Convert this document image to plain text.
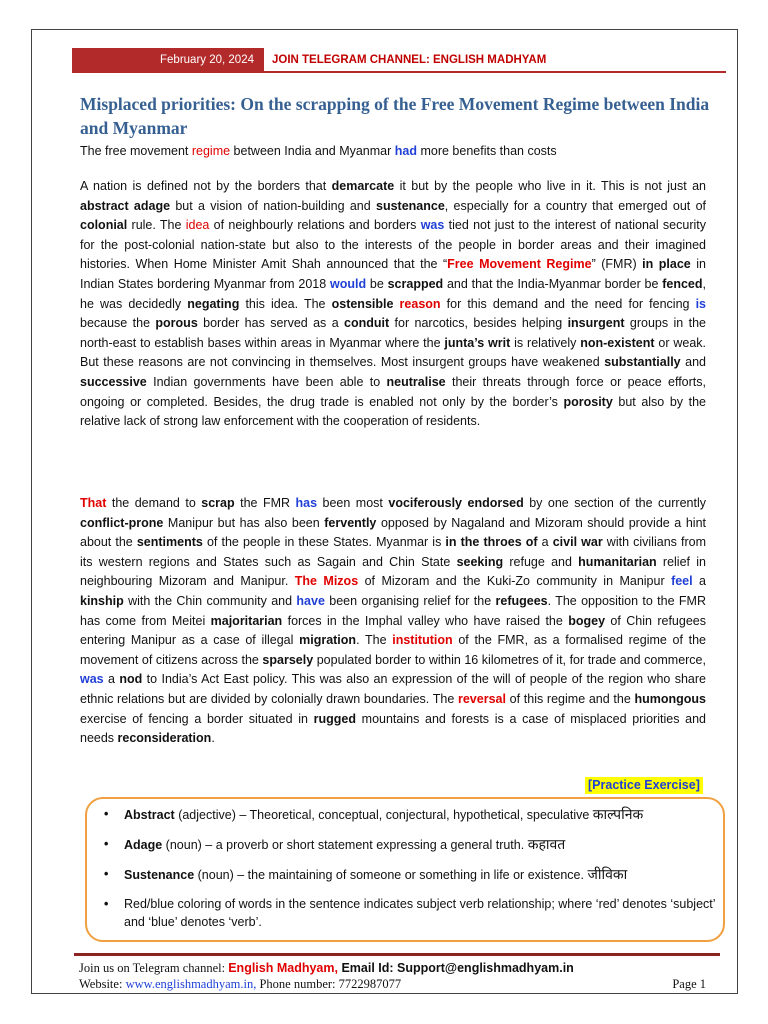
February 20, 2024	JOIN TELEGRAM CHANNEL: ENGLISH MADHYAM
Misplaced priorities: On the scrapping of the Free Movement Regime between India and Myanmar
The free movement regime between India and Myanmar had more benefits than costs

A nation is defined not by the borders that demarcate it but by the people who live in it. This is not just an abstract adage but a vision of nation-building and sustenance, especially for a country that emerged out of colonial rule. The idea of neighbourly relations and borders was tied not just to the interest of national security for the post-colonial nation-state but also to the interests of the people in border areas and their imagined histories. When Home Minister Amit Shah announced that the “Free Movement Regime” (FMR) in place in Indian States bordering Myanmar from 2018 would be scrapped and that the India-Myanmar border be fenced, he was decidedly negating this idea. The ostensible reason for this demand and the need for fencing is because the porous border has served as a conduit for narcotics, besides helping insurgent groups in the north-east to establish bases within areas in Myanmar where the junta’s writ is relatively non-existent or weak. But these reasons are not convincing in themselves. Most insurgent groups have weakened substantially and successive Indian governments have been able to neutralise their threats through force or peace efforts, ongoing or completed. Besides, the drug trade is enabled not only by the border’s porosity but also by the relative lack of strong law enforcement with the cooperation of residents.

That the demand to scrap the FMR has been most vociferously endorsed by one section of the currently conflict-prone Manipur but has also been fervently opposed by Nagaland and Mizoram should provide a hint about the sentiments of the people in these States. Myanmar is in the throes of a civil war with civilians from its western regions and States such as Sagain and Chin State seeking refuge and humanitarian relief in neighbouring Mizoram and Manipur. The Mizos of Mizoram and the Kuki-Zo community in Manipur feel a kinship with the Chin community and have been organising relief for the refugees. The opposition to the FMR has come from Meitei majoritarian forces in the Imphal valley who have raised the bogey of Chin refugees entering Manipur as a case of illegal migration. The institution of the FMR, as a formalised regime of the movement of citizens across the sparsely populated border to within 16 kilometres of it, for trade and commerce, was a nod to India’s Act East policy. This was also an expression of the will of people of the region who share ethnic relations but are divided by colonially drawn boundaries. The reversal of this regime and the humongous exercise of fencing a border situated in rugged mountains and forests is a case of misplaced priorities and needs reconsideration.

[Practice Exercise]
• Abstract (adjective) – Theoretical, conceptual, conjectural, hypothetical, speculative काल्पनिक
• Adage (noun) – a proverb or short statement expressing a general truth. कहावत
• Sustenance (noun) – the maintaining of someone or something in life or existence. जीविका
• Red/blue coloring of words in the sentence indicates subject verb relationship; where ‘red’ denotes ‘subject’ and ‘blue’ denotes ‘verb’.
Join us on Telegram channel: English Madhyam, Email Id: Support@englishmadhyam.in
Website: www.englishmadhyam.in, Phone number: 7722987077	Page 1
